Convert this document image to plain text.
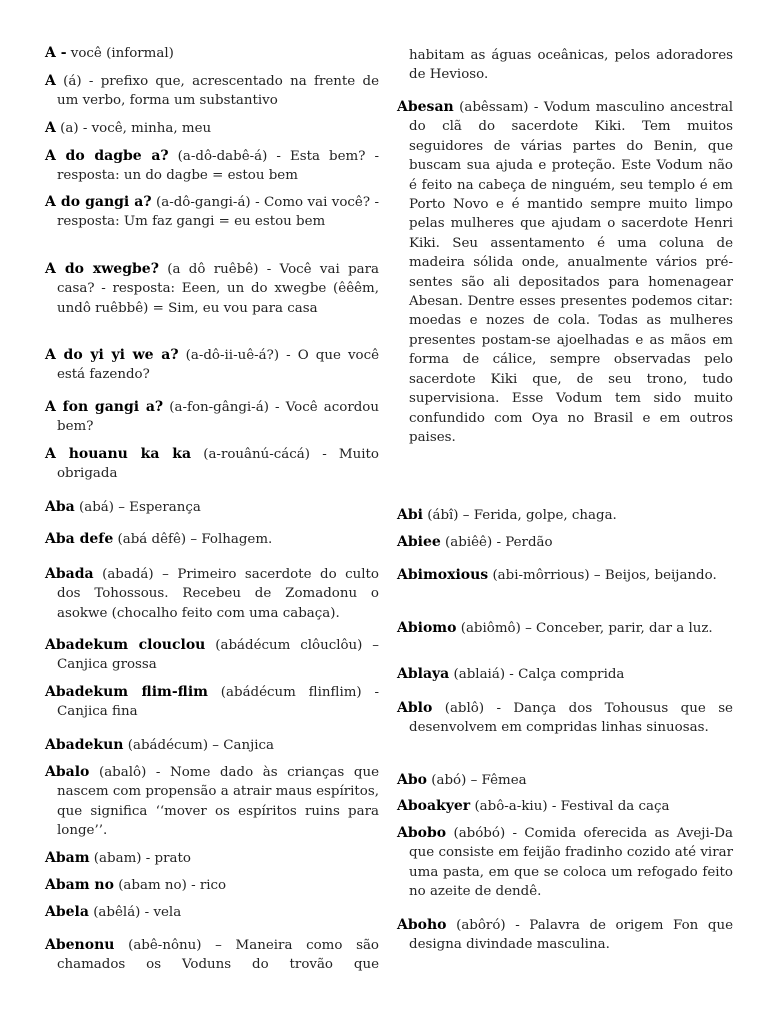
A - você (informal)

A (á) - prefixo que, acrescentado na frente de um verbo, forma um substantivo

A (a) - você, minha, meu

A do dagbe a? (a-dô-dabê-á) - Esta bem? - resposta: un do dagbe = estou bem

A do gangi a? (a-dô-gangi-á) - Como vai você? - resposta: Um faz gangi = eu estou bem

A do xwegbe? (a dô ruêbê) - Você vai para casa? - resposta: Eeen, un do xwegbe (êêêm, undô ruêbbê) = Sim, eu vou para casa

A do yi yi we a? (a-dô-ii-uê-á?) - O que você está fazendo?

A fon gangi a? (a-fon-gângi-á) - Você acordou bem?

A houanu ka ka (a-rouânú-cácá) - Muito obrigada

Aba (abá) – Esperança

Aba defe (abá dêfê) – Folhagem.

Abada (abadá) – Primeiro sacerdote do culto dos Tohossous. Recebeu de Zomadonu o asokwe (chocalho feito com uma cabaça).

Abadekum clouclou (abádécum clôuclôu) – Canjica grossa

Abadekum flim-flim (abádécum flinflim) - Canjica fina

Abadekun (abádécum) – Canjica

Abalo (abalô) - Nome dado às crianças que nascem com propensão a atrair maus espíritos, que significa ‘‘mover os espíritos ruins para longe’’.

Abam (abam) - prato

Abam no (abam no) - rico

Abela (abêlá) - vela

Abenonu (abê-nônu) – Maneira como são chamados os Voduns do trovão que

habitam as águas oceânicas, pelos adoradores de Hevioso.

Abesan (abêssam) - Vodum masculino ancestral do clã do sacerdote Kiki. Tem muitos seguidores de várias partes do Benin, que buscam sua ajuda e proteção. Este Vodum não é feito na cabeça de ninguém, seu templo é em Porto Novo e é mantido sempre muito limpo pelas mulheres que ajudam o sacerdote Henri Kiki. Seu assentamento é uma coluna de madeira sólida onde, anualmente vários pré-sentes são ali depositados para homenagear Abesan. Dentre esses presentes podemos citar: moedas e nozes de cola. Todas as mulheres presentes postam-se ajoelhadas e as mãos em forma de cálice, sempre observadas pelo sacerdote Kiki que, de seu trono, tudo supervisiona. Esse Vodum tem sido muito confundido com Oya no Brasil e em outros paises.

Abi (ábî) – Ferida, golpe, chaga.

Abiee (abiêê) - Perdão

Abimoxious (abi-môrrious) – Beijos, beijando.

Abiomo (abiômô) – Conceber, parir, dar a luz.

Ablaya (ablaiá) - Calça comprida

Ablo (ablô) - Dança dos Tohousus que se desenvolvem em compridas linhas sinuosas.

Abo (abó) – Fêmea

Aboakyer (abô-a-kiu) - Festival da caça

Abobo (abóbó) - Comida oferecida as Aveji-Da que consiste em feijão fradinho cozido até virar uma pasta, em que se coloca um refogado feito no azeite de dendê.

Aboho (abôró) - Palavra de origem Fon que designa divindade masculina.
